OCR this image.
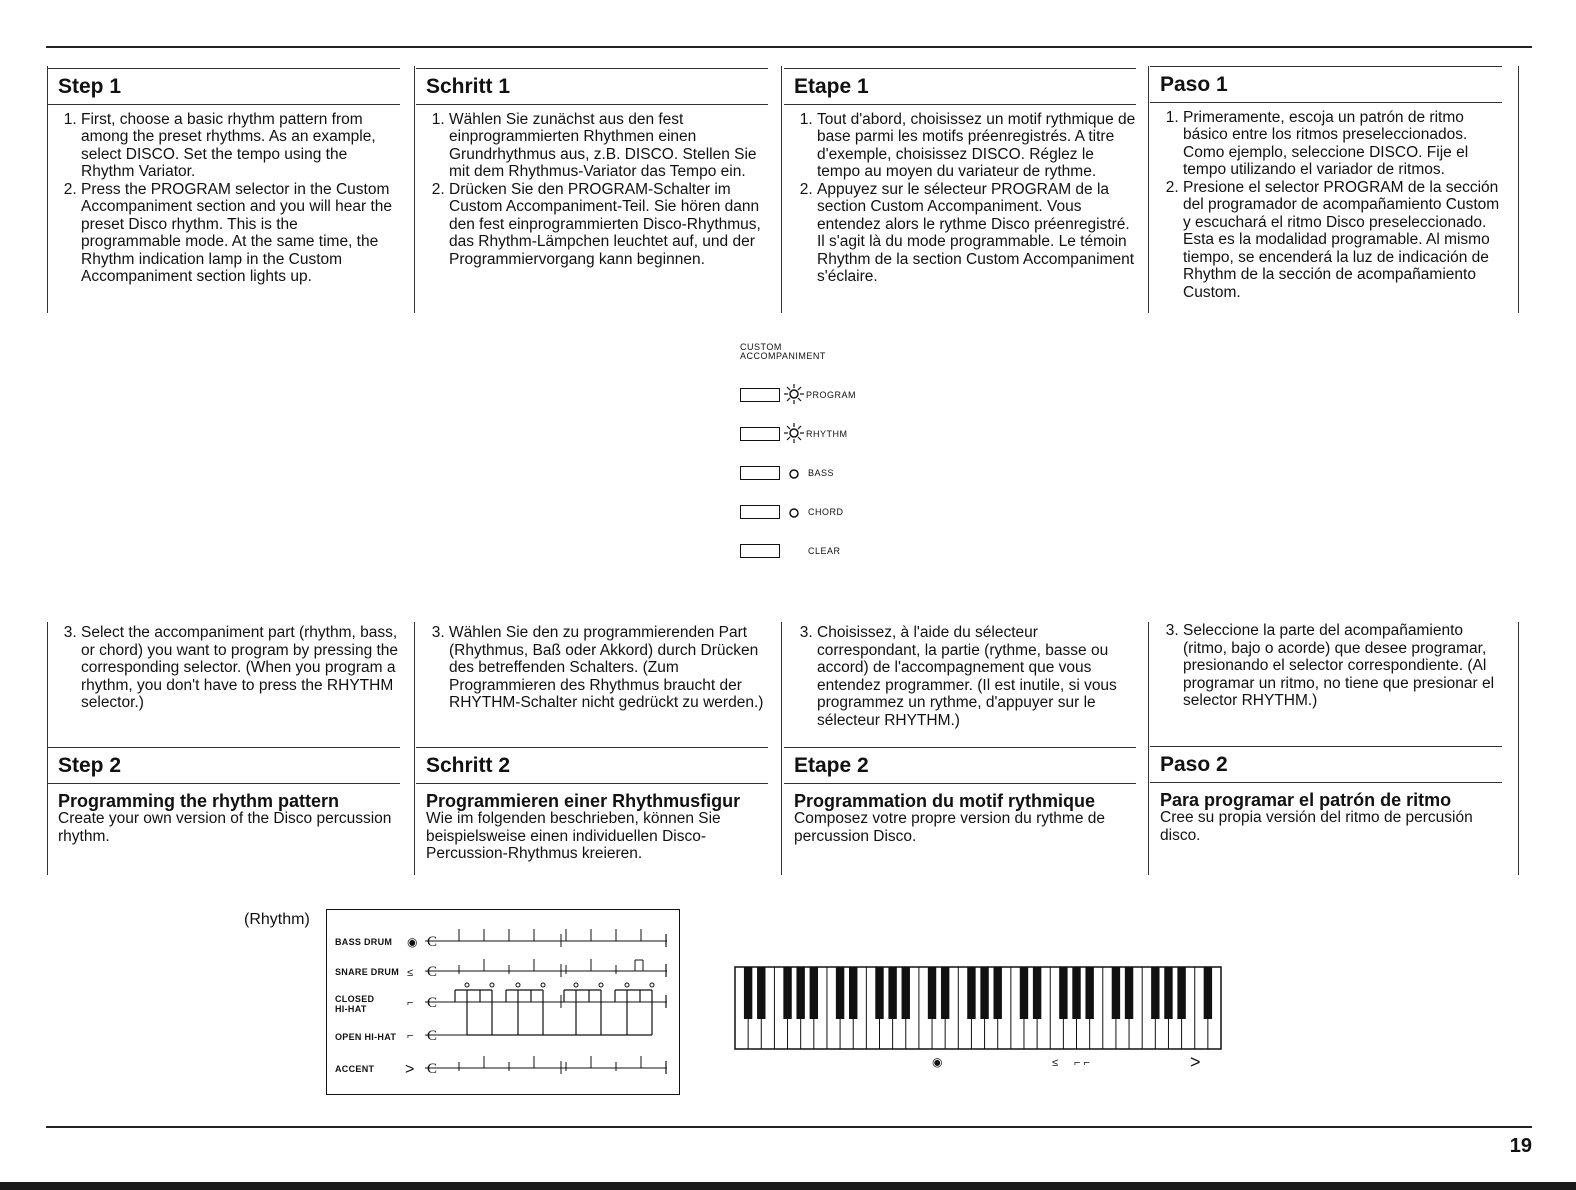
Step 1
1. First, choose a basic rhythm pattern from among the preset rhythms. As an example, select DISCO. Set the tempo using the Rhythm Variator.
2. Press the PROGRAM selector in the Custom Accompaniment section and you will hear the preset Disco rhythm. This is the programmable mode. At the same time, the Rhythm indication lamp in the Custom Accompaniment section lights up.
Schritt 1
1. Wählen Sie zunächst aus den fest einprogrammierten Rhythmen einen Grundrhythmus aus, z.B. DISCO. Stellen Sie mit dem Rhythmus-Variator das Tempo ein.
2. Drücken Sie den PROGRAM-Schalter im Custom Accompaniment-Teil. Sie hören dann den fest einprogrammierten Disco-Rhythmus, das Rhythm-Lämpchen leuchtet auf, und der Programmiervorgang kann beginnen.
Etape 1
1. Tout d'abord, choisissez un motif rythmique de base parmi les motifs préenregistrés. A titre d'exemple, choisissez DISCO. Réglez le tempo au moyen du variateur de rythme.
2. Appuyez sur le sélecteur PROGRAM de la section Custom Accompaniment. Vous entendez alors le rythme Disco préenregistré. Il s'agit là du mode programmable. Le témoin Rhythm de la section Custom Accompaniment s'éclaire.
Paso 1
1. Primeramente, escoja un patrón de ritmo básico entre los ritmos preseleccionados. Como ejemplo, seleccione DISCO. Fije el tempo utilizando el variador de ritmos.
2. Presione el selector PROGRAM de la sección del programador de acompañamiento Custom y escuchará el ritmo Disco preseleccionado. Esta es la modalidad programable. Al mismo tiempo, se encenderá la luz de indicación de Rhythm de la sección de acompañamiento Custom.
CUSTOM
ACCOMPANIMENT
PROGRAM
RHYTHM
BASS
CHORD
CLEAR
3. Select the accompaniment part (rhythm, bass, or chord) you want to program by pressing the corresponding selector. (When you program a rhythm, you don't have to press the RHYTHM selector.)
Step 2
Programming the rhythm pattern
Create your own version of the Disco percussion rhythm.
3. Wählen Sie den zu programmierenden Part (Rhythmus, Baß oder Akkord) durch Drücken des betreffenden Schalters. (Zum Programmieren des Rhythmus braucht der RHYTHM-Schalter nicht gedrückt zu werden.)
Schritt 2
Programmieren einer Rhythmusfigur
Wie im folgenden beschrieben, können Sie beispielsweise einen individuellen Disco-Percussion-Rhythmus kreieren.
3. Choisissez, à l'aide du sélecteur correspondant, la partie (rythme, basse ou accord) de l'accompagnement que vous entendez programmer. (Il est inutile, si vous programmez un rythme, d'appuyer sur le sélecteur RHYTHM.)
Etape 2
Programmation du motif rythmique
Composez votre propre version du rythme de percussion Disco.
3. Seleccione la parte del acompañamiento (ritmo, bajo o acorde) que desee programar, presionando el selector correspondiente. (Al programar un ritmo, no tiene que presionar el selector RHYTHM.)
Paso 2
Para programar el patrón de ritmo
Cree su propia versión del ritmo de percusión disco.
(Rhythm)
BASS DRUM
SNARE DRUM
CLOSED HI-HAT
OPEN HI-HAT
ACCENT
C
C
C
C
C
◉
≤
⌐
⌐
>	◉	≤ ⌐ ⌐	>
19
